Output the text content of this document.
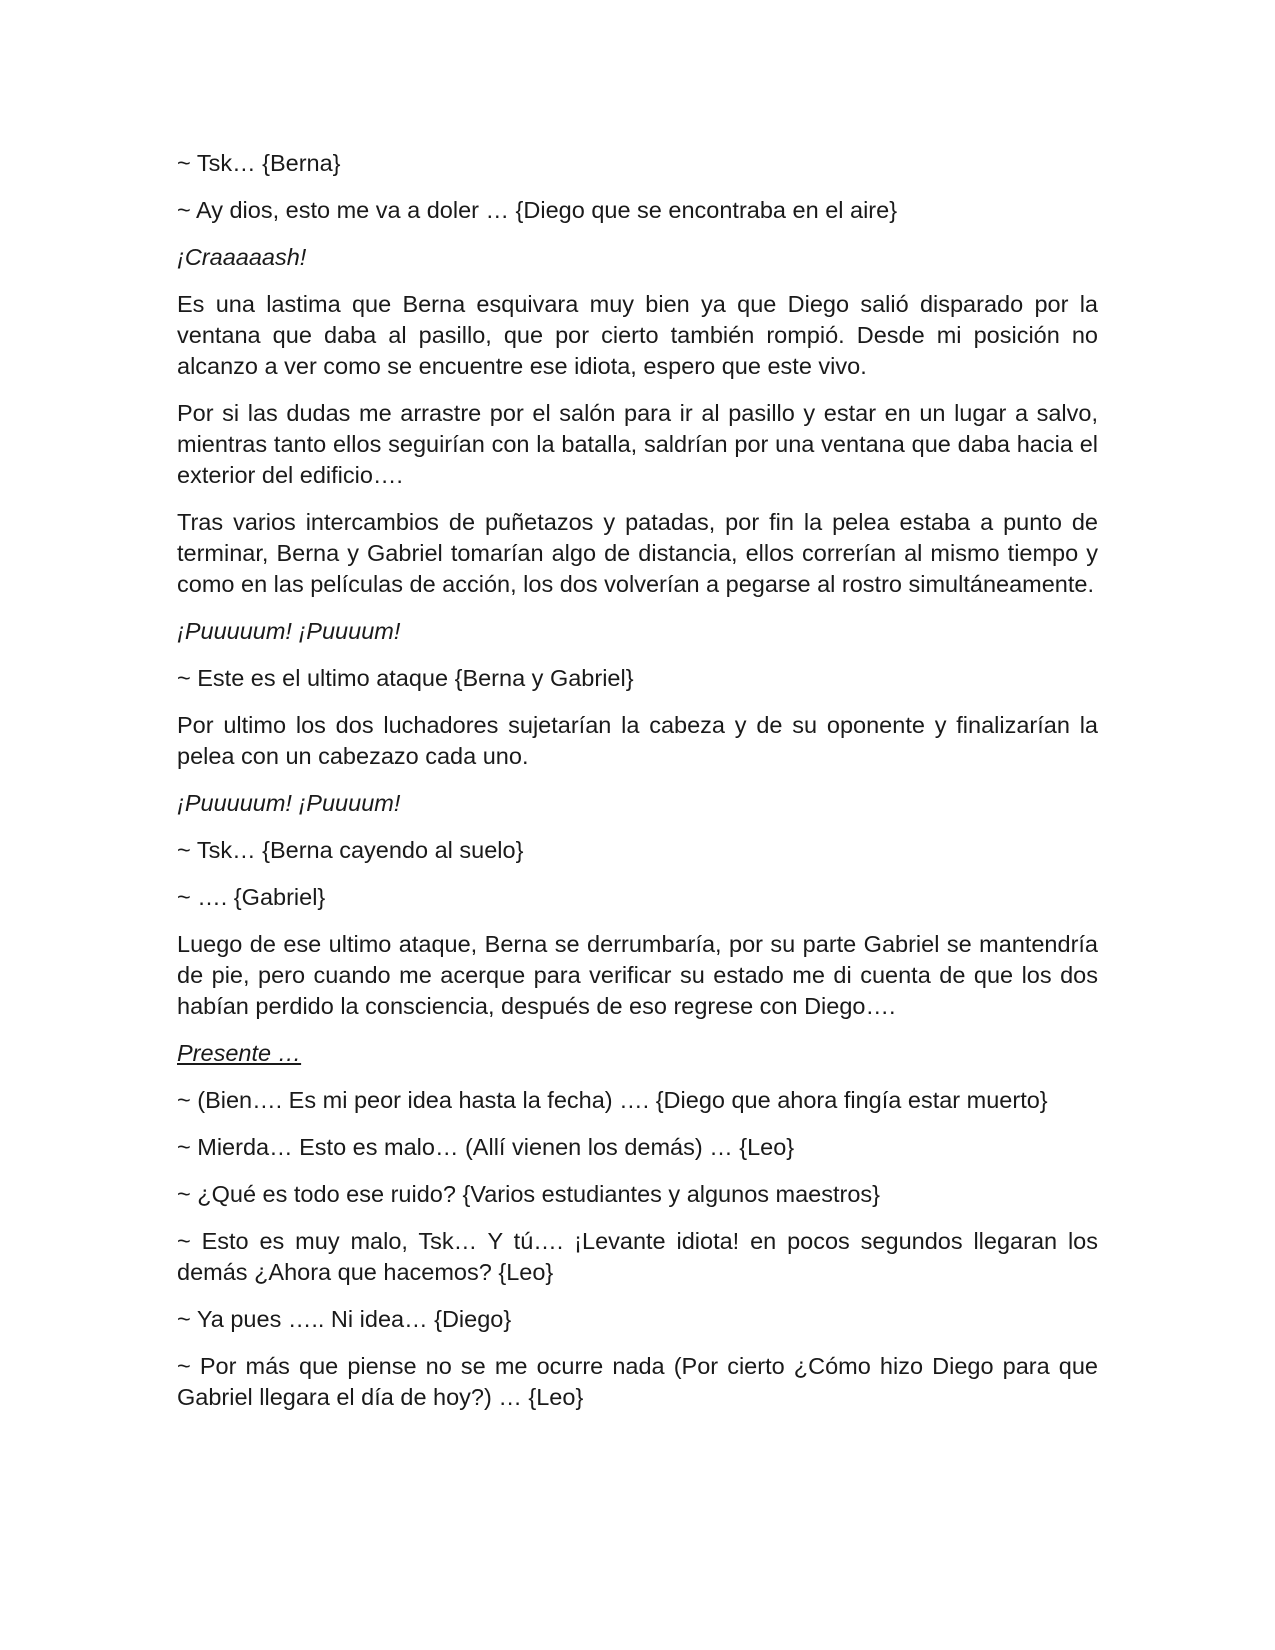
~ Tsk… {Berna}

~ Ay dios, esto me va a doler … {Diego que se encontraba en el aire}

¡Craaaaash!

Es una lastima que Berna esquivara muy bien ya que Diego salió disparado por la ventana que daba al pasillo, que por cierto también rompió. Desde mi posición no alcanzo a ver como se encuentre ese idiota, espero que este vivo.

Por si las dudas me arrastre por el salón para ir al pasillo y estar en un lugar a salvo, mientras tanto ellos seguirían con la batalla, saldrían por una ventana que daba hacia el exterior del edificio….

Tras varios intercambios de puñetazos y patadas, por fin la pelea estaba a punto de terminar, Berna y Gabriel tomarían algo de distancia, ellos correrían al mismo tiempo y como en las películas de acción, los dos volverían a pegarse al rostro simultáneamente.

¡Puuuuum! ¡Puuuum!

~ Este es el ultimo ataque {Berna y Gabriel}

Por ultimo los dos luchadores sujetarían la cabeza y de su oponente y finalizarían la pelea con un cabezazo cada uno.

¡Puuuuum! ¡Puuuum!

~ Tsk… {Berna cayendo al suelo}

~ …. {Gabriel}

Luego de ese ultimo ataque, Berna se derrumbaría, por su parte Gabriel se mantendría de pie, pero cuando me acerque para verificar su estado me di cuenta de que los dos habían perdido la consciencia, después de eso regrese con Diego….

Presente …

~ (Bien…. Es mi peor idea hasta la fecha) …. {Diego que ahora fingía estar muerto}

~ Mierda… Esto es malo… (Allí vienen los demás) … {Leo}

~ ¿Qué es todo ese ruido? {Varios estudiantes y algunos maestros}

~ Esto es muy malo, Tsk… Y tú…. ¡Levante idiota! en pocos segundos llegaran los demás ¿Ahora que hacemos? {Leo}

~ Ya pues ….. Ni idea… {Diego}

~ Por más que piense no se me ocurre nada (Por cierto ¿Cómo hizo Diego para que Gabriel llegara el día de hoy?) … {Leo}
